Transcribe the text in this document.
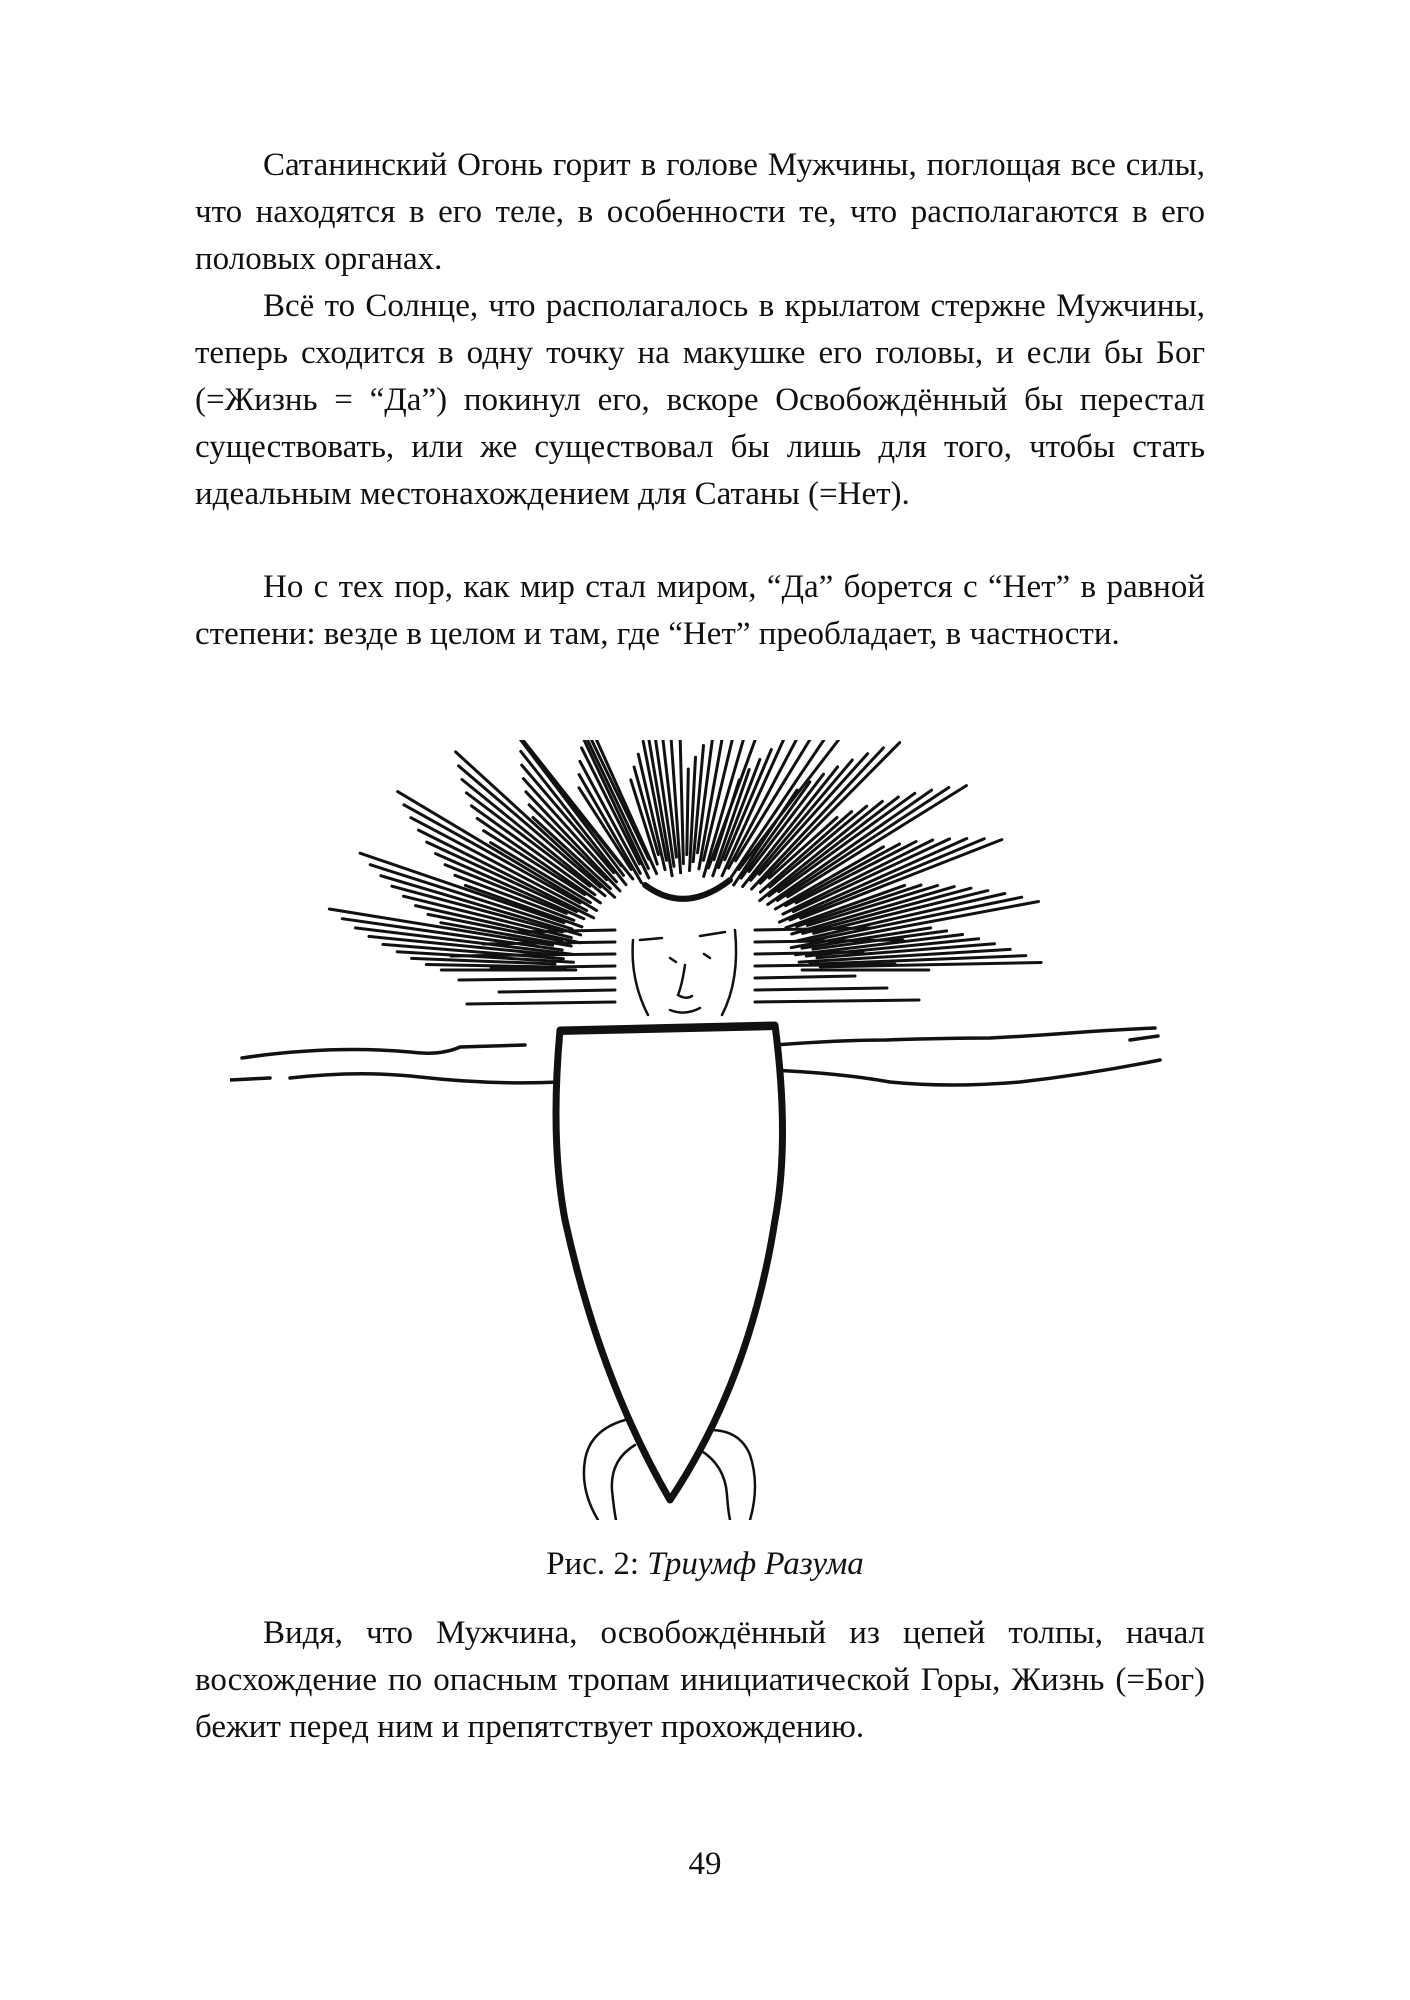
Сатанинский Огонь горит в голове Мужчины, поглощая все силы, что находятся в его теле, в особенности те, что располагаются в его половых органах.

Всё то Солнце, что располагалось в крылатом стержне Мужчины, теперь сходится в одну точку на макушке его головы, и если бы Бог (=Жизнь = “Да”) покинул его, вскоре Освобождённый бы перестал существовать, или же существовал бы лишь для того, чтобы стать идеальным местонахождением для Сатаны (=Нет).

Но с тех пор, как мир стал миром, “Да” борется с “Нет” в равной степени: везде в целом и там, где “Нет” преобладает, в частности.

Рис. 2: Триумф Разума

Видя, что Мужчина, освобождённый из цепей толпы, начал восхождение по опасным тропам инициатической Горы, Жизнь (=Бог) бежит перед ним и препятствует прохождению.

49
